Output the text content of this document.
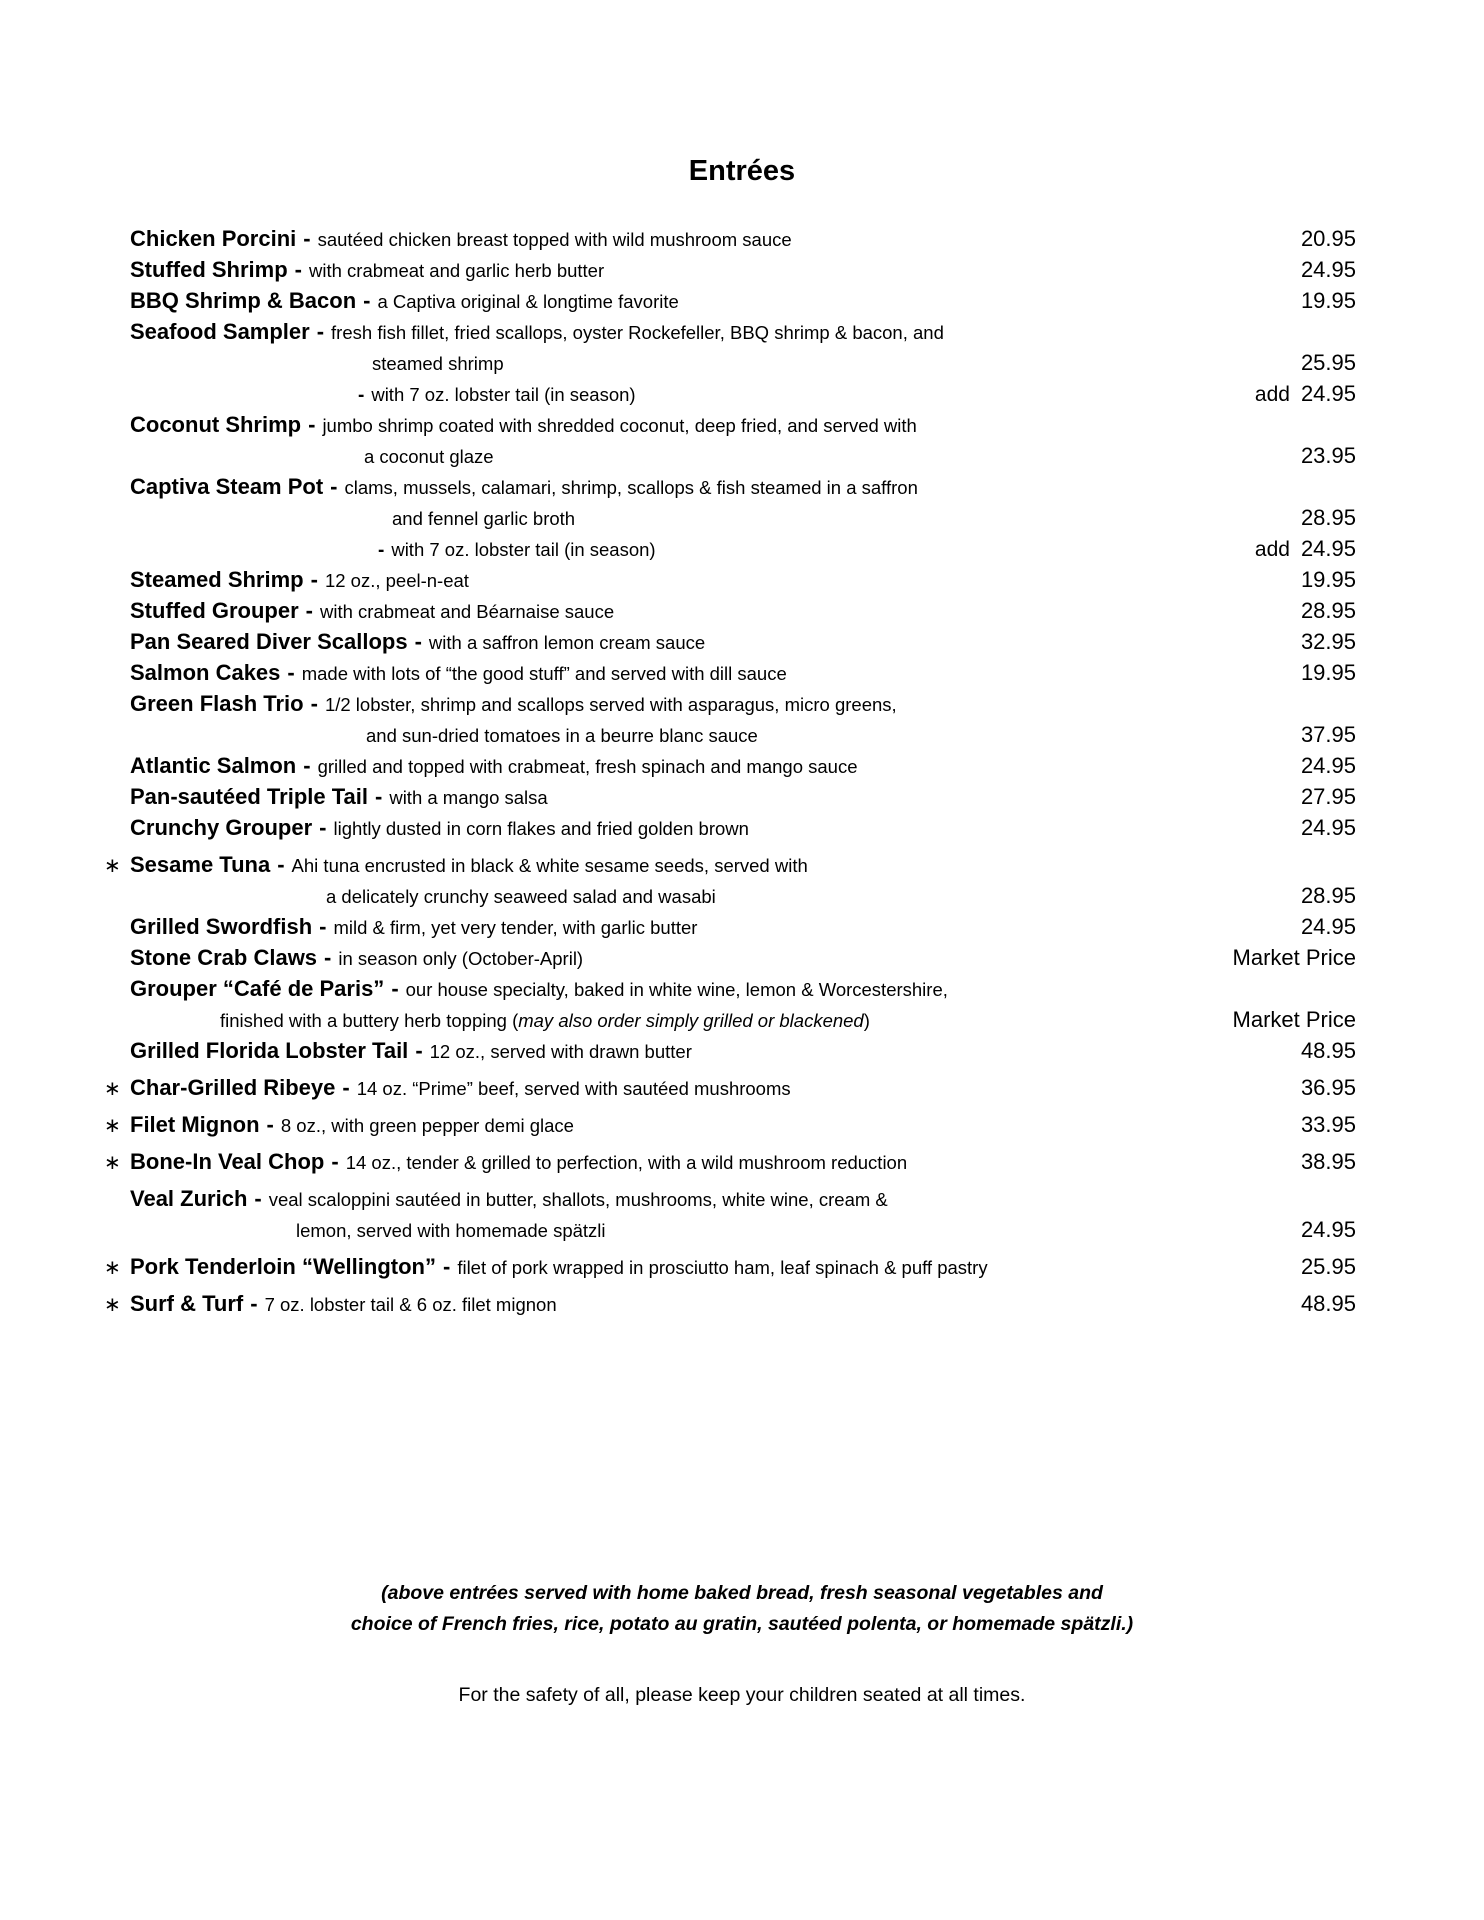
Entrées
Chicken Porcini - sautéed chicken breast topped with wild mushroom sauce	20.95
Stuffed Shrimp - with crabmeat and garlic herb butter	24.95
BBQ Shrimp & Bacon - a Captiva original & longtime favorite	19.95
Seafood Sampler - fresh fish fillet, fried scallops, oyster Rockefeller, BBQ shrimp & bacon, and
steamed shrimp	25.95
- with 7 oz. lobster tail (in season)	add 24.95
Coconut Shrimp - jumbo shrimp coated with shredded coconut, deep fried, and served with
a coconut glaze	23.95
Captiva Steam Pot - clams, mussels, calamari, shrimp, scallops & fish steamed in a saffron
and fennel garlic broth	28.95
- with 7 oz. lobster tail (in season)	add 24.95
Steamed Shrimp - 12 oz., peel-n-eat	19.95
Stuffed Grouper - with crabmeat and Béarnaise sauce	28.95
Pan Seared Diver Scallops - with a saffron lemon cream sauce	32.95
Salmon Cakes - made with lots of “the good stuff” and served with dill sauce	19.95
Green Flash Trio - 1/2 lobster, shrimp and scallops served with asparagus, micro greens,
and sun-dried tomatoes in a beurre blanc sauce	37.95
Atlantic Salmon - grilled and topped with crabmeat, fresh spinach and mango sauce	24.95
Pan-sautéed Triple Tail - with a mango salsa	27.95
Crunchy Grouper - lightly dusted in corn flakes and fried golden brown	24.95
∗ Sesame Tuna - Ahi tuna encrusted in black & white sesame seeds, served with
a delicately crunchy seaweed salad and wasabi	28.95
Grilled Swordfish - mild & firm, yet very tender, with garlic butter	24.95
Stone Crab Claws - in season only (October-April)	Market Price
Grouper “Café de Paris” - our house specialty, baked in white wine, lemon & Worcestershire,
finished with a buttery herb topping (may also order simply grilled or blackened)	Market Price
Grilled Florida Lobster Tail - 12 oz., served with drawn butter	48.95
∗ Char-Grilled Ribeye - 14 oz. “Prime” beef, served with sautéed mushrooms	36.95
∗ Filet Mignon - 8 oz., with green pepper demi glace	33.95
∗ Bone-In Veal Chop - 14 oz., tender & grilled to perfection, with a wild mushroom reduction	38.95
Veal Zurich - veal scaloppini sautéed in butter, shallots, mushrooms, white wine, cream &
lemon, served with homemade spätzli	24.95
∗ Pork Tenderloin “Wellington” - filet of pork wrapped in prosciutto ham, leaf spinach & puff pastry	25.95
∗ Surf & Turf - 7 oz. lobster tail & 6 oz. filet mignon	48.95
(above entrées served with home baked bread, fresh seasonal vegetables and
choice of French fries, rice, potato au gratin, sautéed polenta, or homemade spätzli.)
For the safety of all, please keep your children seated at all times.
